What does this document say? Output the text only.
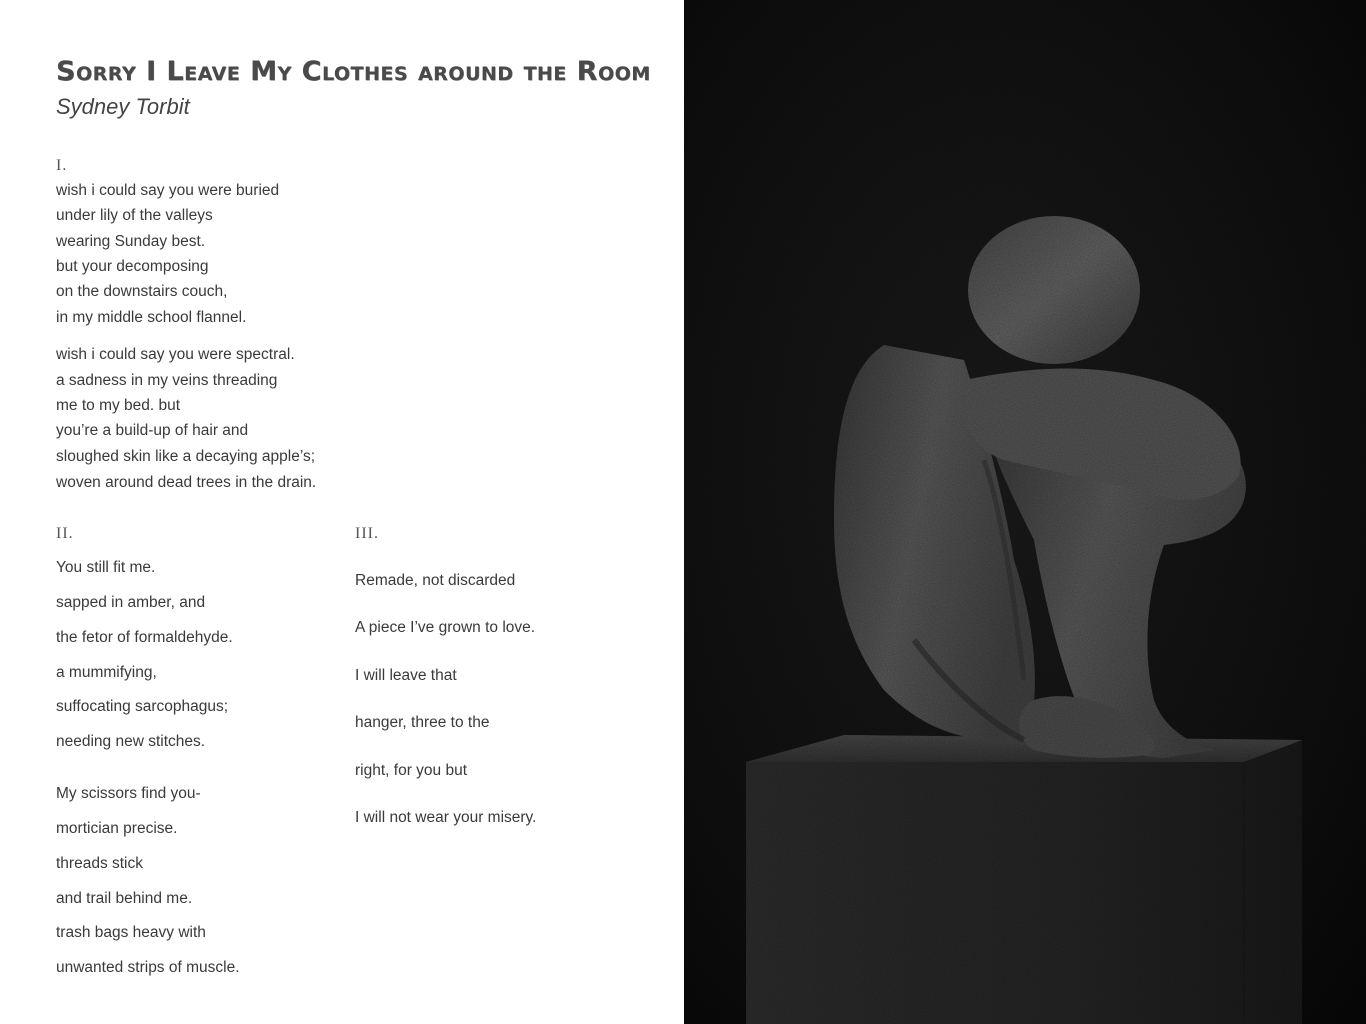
Sorry I Leave My Clothes around the Room
Sydney Torbit
I.
wish i could say you were buried
under lily of the valleys
wearing Sunday best.
but your decomposing
on the downstairs couch,
in my middle school flannel.
wish i could say you were spectral.
a sadness in my veins threading
me to my bed. but
you’re a build-up of hair and
sloughed skin like a decaying apple’s;
woven around dead trees in the drain.
II.
You still fit me.
sapped in amber, and
the fetor of formaldehyde.
a mummifying,
suffocating sarcophagus;
needing new stitches.
My scissors find you-
mortician precise.
threads stick
and trail behind me.
trash bags heavy with
unwanted strips of muscle.
III.
Remade, not discarded
A piece I’ve grown to love.
I will leave that
hanger, three to the
right, for you but
I will not wear your misery.
